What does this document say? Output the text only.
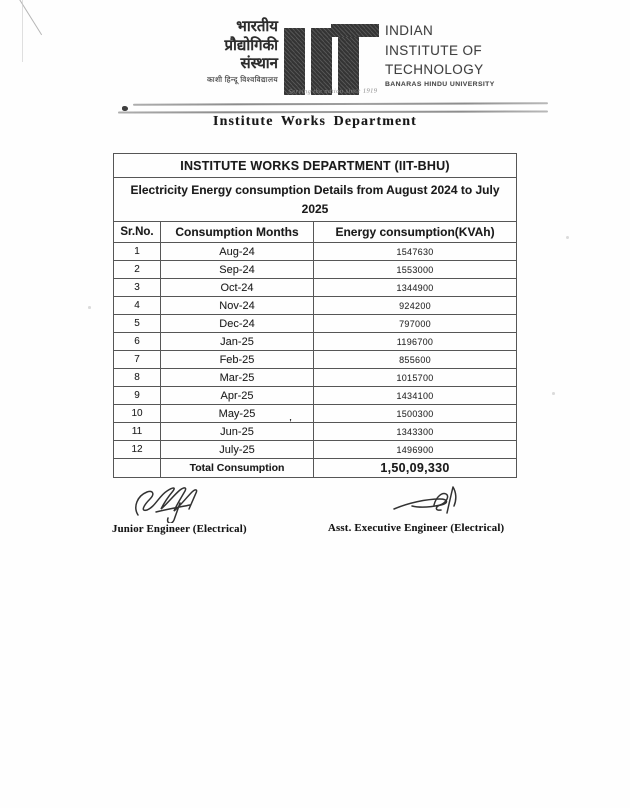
भारतीय
प्रौद्योगिकी
संस्थान
काशी हिन्दू विश्वविद्यालय
INDIAN
INSTITUTE OF
TECHNOLOGY
BANARAS HINDU UNIVERSITY
Serving the nation since 1919
Institute Works Department
INSTITUTE WORKS DEPARTMENT (IIT-BHU)		
Electricity Energy consumption Details from August 2024 to July 2025		
Sr.No.	Consumption Months	Energy consumption(KVAh)
1	Aug-24	1547630
2	Sep-24	1553000
3	Oct-24	1344900
4	Nov-24	924200
5	Dec-24	797000
6	Jan-25	1196700
7	Feb-25	855600
8	Mar-25	1015700
9	Apr-25	1434100
10	May-25	1500300
11	Jun-25	1343300
12	July-25	1496900
	Total Consumption	1,50,09,330
'
Junior Engineer (Electrical)	Asst. Executive Engineer (Electrical)
